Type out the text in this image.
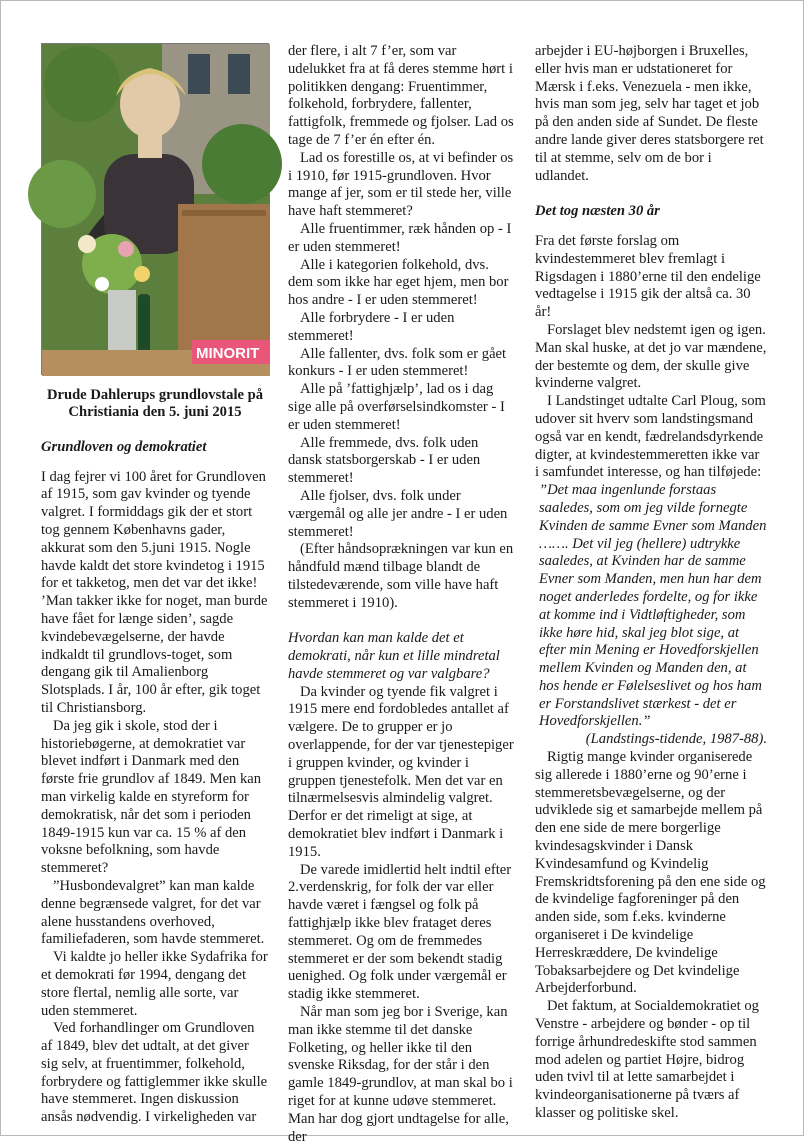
MINORIT
Drude Dahlerups grundlovstale på
Christiania den 5. juni 2015
Grundloven og demokratiet

I dag fejrer vi 100 året for Grundloven af 1915, som gav kvinder og tyende valgret. I formiddags gik der et stort tog gennem Københavns gader, akkurat som den 5.juni 1915. Nogle havde kaldt det store kvindetog i 1915 for et takketog, men det var det ikke! ’Man takker ikke for noget, man burde have fået for længe siden’, sagde kvindebevægelserne, der havde indkaldt til grundlovs-toget, som dengang gik til Amalienborg Slotsplads. I år, 100 år efter, gik toget til Christiansborg.

Da jeg gik i skole, stod der i historiebøgerne, at demokratiet var blevet indført i Danmark med den første frie grundlov af 1849. Men kan man virkelig kalde en styreform for demokratisk, når det som i perioden 1849-1915 kun var ca. 15 % af den voksne befolkning, som havde stemmeret?

”Husbondevalgret” kan man kalde denne begrænsede valgret, for det var alene husstandens overhoved, familiefaderen, som havde stemmeret.

Vi kaldte jo heller ikke Sydafrika for et demokrati før 1994, dengang det store flertal, nemlig alle sorte, var uden stemmeret.

Ved forhandlinger om Grundloven af 1849, blev det udtalt, at det giver sig selv, at fruentimmer, folkehold, forbrydere og fattiglemmer ikke skulle have stemmeret. Ingen diskussion ansås nødvendig. I virkeligheden var

der flere, i alt 7 f’er, som var udelukket fra at få deres stemme hørt i politikken dengang: Fruentimmer, folkehold, forbrydere, fallenter, fattigfolk, fremmede og fjolser. Lad os tage de 7 f’er én efter én.

Lad os forestille os, at vi befinder os i 1910, før 1915-grundloven. Hvor mange af jer, som er til stede her, ville have haft stemmeret?

Alle fruentimmer, ræk hånden op - I er uden stemmeret!

Alle i kategorien folkehold, dvs. dem som ikke har eget hjem, men bor hos andre - I er uden stemmeret!

Alle forbrydere - I er uden stemmeret!

Alle fallenter, dvs. folk som er gået konkurs - I er uden stemmeret!

Alle på ’fattighjælp’, lad os i dag sige alle på overførselsindkomster - I er uden stemmeret!

Alle fremmede, dvs. folk uden dansk statsborgerskab - I er uden stemmeret!

Alle fjolser, dvs. folk under værgemål og alle jer andre - I er uden stemmeret!

(Efter håndsoprækningen var kun en håndfuld mænd tilbage blandt de tilstedeværende, som ville have haft stemmeret i 1910).

Hvordan kan man kalde det et demokrati, når kun et lille mindretal havde stemmeret og var valgbare?

Da kvinder og tyende fik valgret i 1915 mere end fordobledes antallet af vælgere. De to grupper er jo overlappende, for der var tjenestepiger i gruppen kvinder, og kvinder i gruppen tjenestefolk. Men det var en tilnærmelsesvis almindelig valgret. Derfor er det rimeligt at sige, at demokratiet blev indført i Danmark i 1915.

De varede imidlertid helt indtil efter 2.verdenskrig, for folk der var eller havde været i fængsel og folk på fattighjælp ikke blev frataget deres stemmeret. Og om de fremmedes stemmeret er der som bekendt stadig uenighed. Og folk under værgemål er stadig ikke stemmeret.

Når man som jeg bor i Sverige, kan man ikke stemme til det danske Folketing, og heller ikke til den svenske Riksdag, for der står i den gamle 1849-grundlov, at man skal bo i riget for at kunne udøve stemmeret. Man har dog gjort undtagelse for alle, der

arbejder i EU-højborgen i Bruxelles, eller hvis man er udstationeret for Mærsk i f.eks. Venezuela - men ikke, hvis man som jeg, selv har taget et job på den anden side af Sundet. De fleste andre lande giver deres statsborgere ret til at stemme, selv om de bor i udlandet.

Det tog næsten 30 år

Fra det første forslag om kvindestemmeret blev fremlagt i Rigsdagen i 1880’erne til den endelige vedtagelse i 1915 gik der altså ca. 30 år!

Forslaget blev nedstemt igen og igen. Man skal huske, at det jo var mændene, der bestemte og dem, der skulle give kvinderne valgret.

I Landstinget udtalte Carl Ploug, som udover sit hverv som landstingsmand også var en kendt, fædrelandsdyrkende digter, at kvindestemmeretten ikke var i samfundet interesse, og han tilføjede:

”Det maa ingenlunde forstaas saaledes, som om jeg vilde fornegte Kvinden de samme Evner som Manden ……. Det vil jeg (hellere) udtrykke saaledes, at Kvinden har de samme Evner som Manden, men hun har dem noget anderledes fordelte, og for ikke at komme ind i Vidtløftigheder, som ikke høre hid, skal jeg blot sige, at efter min Mening er Hovedforskjellen mellem Kvinden og Manden den, at hos hende er Følelseslivet og hos ham er Forstandslivet stærkest - det er Hovedforskjellen.”

(Landstings-tidende, 1987-88).

Rigtig mange kvinder organiserede sig allerede i 1880’erne og 90’erne i stemmeretsbevægelserne, og der udviklede sig et samarbejde mellem på den ene side de mere borgerlige kvindesagskvinder i Dansk Kvindesamfund og Kvindelig Fremskridtsforening på den ene side og de kvindelige fagforeninger på den anden side, som f.eks. kvinderne organiseret i De kvindelige Herreskræddere, De kvindelige Tobaksarbejdere og Det kvindelige Arbejderforbund.

Det faktum, at Socialdemokratiet og Venstre - arbejdere og bønder - op til forrige århundredeskifte stod sammen mod adelen og partiet Højre, bidrog uden tvivl til at lette samarbejdet i kvindeorganisationerne på tværs af klasser og politiske skel.
